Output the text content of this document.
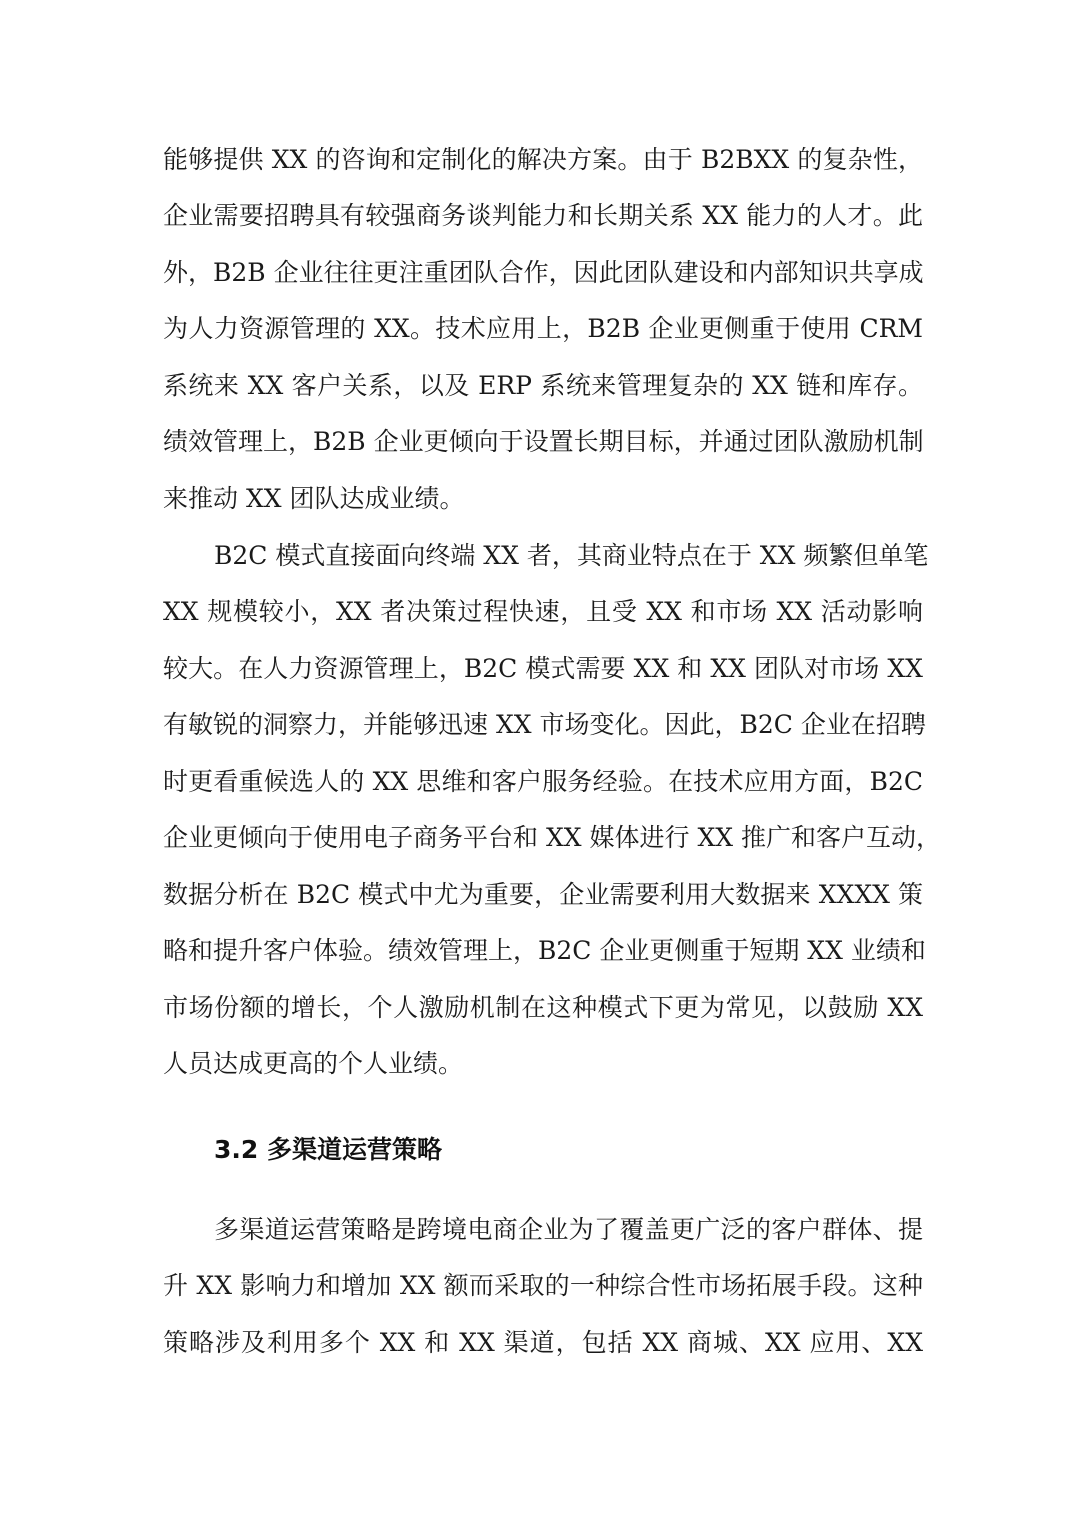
能够提供 XX 的咨询和定制化的解决方案。由于 B2BXX 的复杂性，
企业需要招聘具有较强商务谈判能力和长期关系 XX 能力的人才。此
外，B2B 企业往往更注重团队合作，因此团队建设和内部知识共享成
为人力资源管理的 XX。技术应用上，B2B 企业更侧重于使用 CRM
系统来 XX 客户关系，以及 ERP 系统来管理复杂的 XX 链和库存。
绩效管理上，B2B 企业更倾向于设置长期目标，并通过团队激励机制
来推动 XX 团队达成业绩。
B2C 模式直接面向终端 XX 者，其商业特点在于 XX 频繁但单笔
XX 规模较小，XX 者决策过程快速，且受 XX 和市场 XX 活动影响
较大。在人力资源管理上，B2C 模式需要 XX 和 XX 团队对市场 XX
有敏锐的洞察力，并能够迅速 XX 市场变化。因此，B2C 企业在招聘
时更看重候选人的 XX 思维和客户服务经验。在技术应用方面，B2C
企业更倾向于使用电子商务平台和 XX 媒体进行 XX 推广和客户互动，
数据分析在 B2C 模式中尤为重要，企业需要利用大数据来 XXXX 策
略和提升客户体验。绩效管理上，B2C 企业更侧重于短期 XX 业绩和
市场份额的增长，个人激励机制在这种模式下更为常见，以鼓励 XX
人员达成更高的个人业绩。
3.2 多渠道运营策略
多渠道运营策略是跨境电商企业为了覆盖更广泛的客户群体、提
升 XX 影响力和增加 XX 额而采取的一种综合性市场拓展手段。这种
策略涉及利用多个 XX 和 XX 渠道，包括 XX 商城、XX 应用、XX
